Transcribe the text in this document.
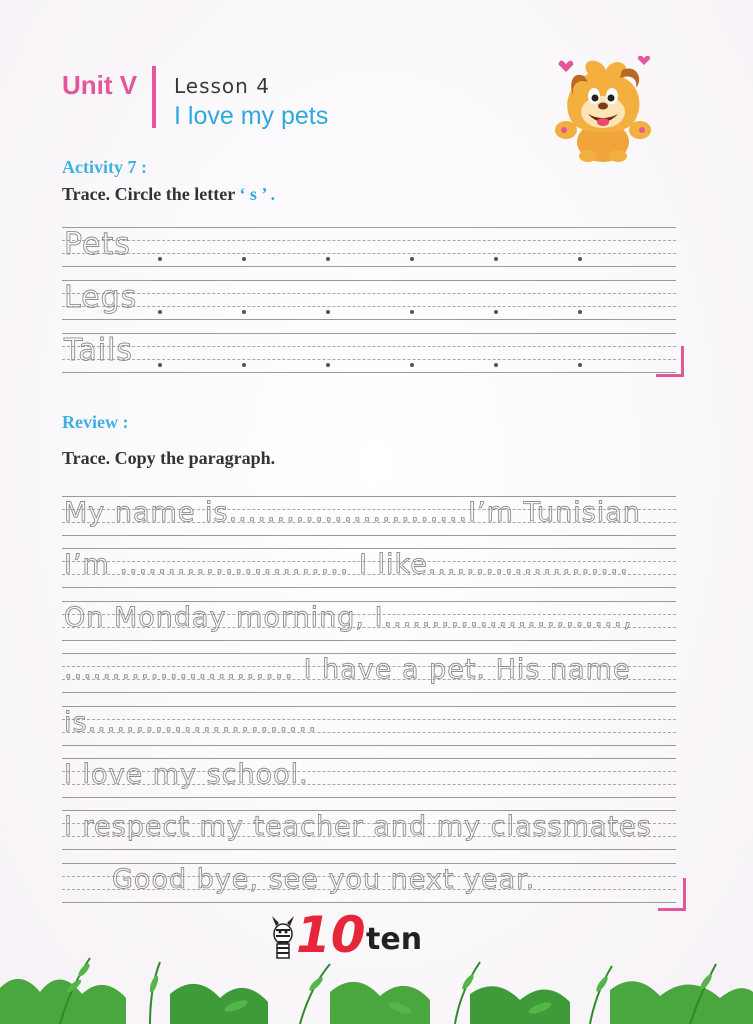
Unit V Lesson 4
I love my pets
Activity 7 :
Trace. Circle the letter ‘ s ’ .
Pets
Legs
Tails
Review :
Trace. Copy the paragraph.
My name is.........................I’m Tunisian
I’m ........................ I like.....................
On Monday morning, I.........................,
........................ I have a pet. His name
is........................
I love my school.
I respect my teacher and my classmates
Good bye, see you next year.
10 ten
